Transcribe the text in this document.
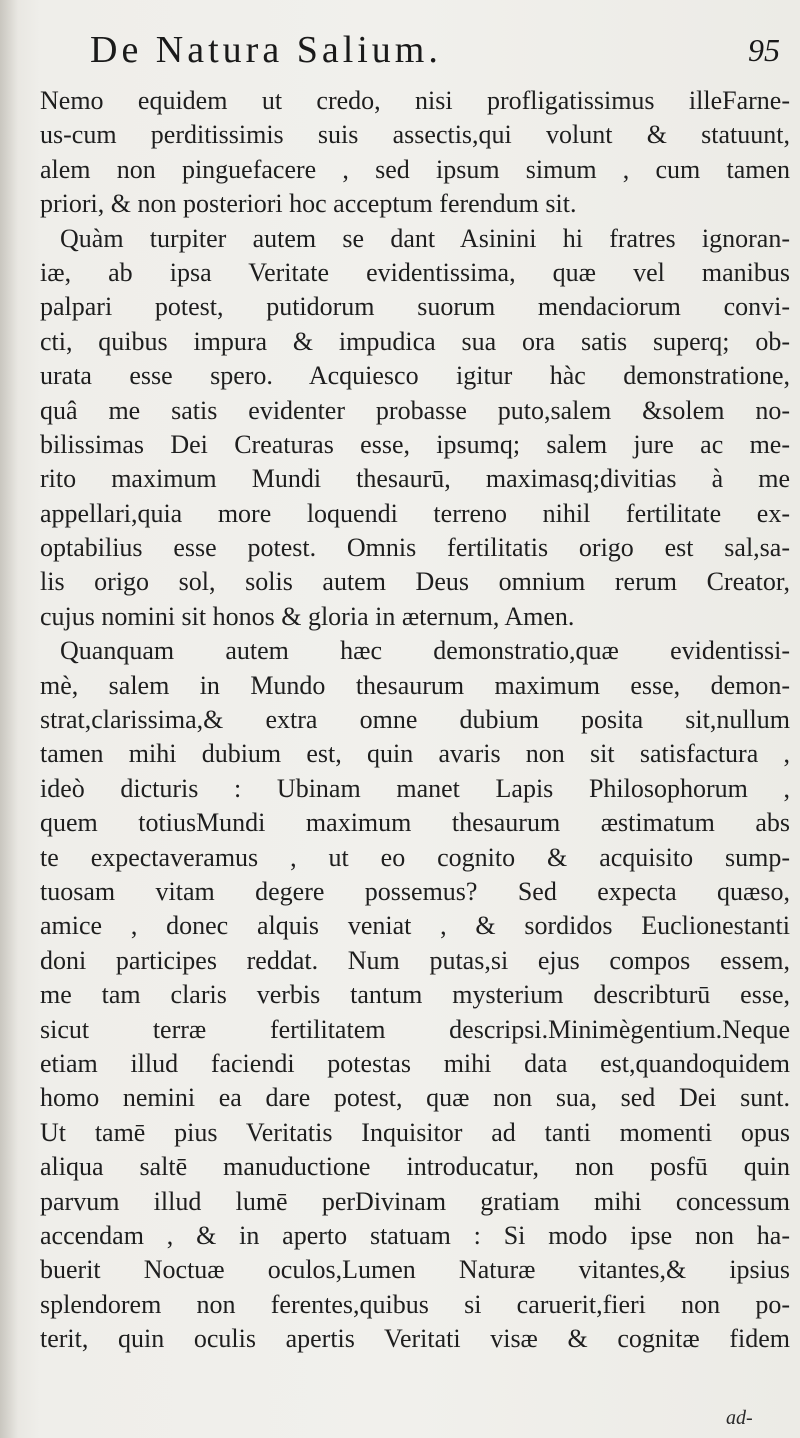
De Natura Salium.	95
Nemo equidem ut credo, nisi profligatissimus illeFarne-
us-cum perditissimis suis assectis,qui volunt & statuunt,
alem non pinguefacere , sed ipsum simum , cum tamen
priori, & non posteriori hoc acceptum ferendum sit.
Quàm turpiter autem se dant Asinini hi fratres ignoran-
iæ, ab ipsa Veritate evidentissima, quæ vel manibus
palpari potest, putidorum suorum mendaciorum convi-
cti, quibus impura & impudica sua ora satis superq; ob-
urata esse spero. Acquiesco igitur hàc demonstratione,
quâ me satis evidenter probasse puto,salem &solem no-
bilissimas Dei Creaturas esse, ipsumq; salem jure ac me-
rito maximum Mundi thesaurū, maximasq;divitias à me
appellari,quia more loquendi terreno nihil fertilitate ex-
optabilius esse potest. Omnis fertilitatis origo est sal,sa-
lis origo sol, solis autem Deus omnium rerum Creator,
cujus nomini sit honos & gloria in æternum, Amen.
Quanquam autem hæc demonstratio,quæ evidentissi-
mè, salem in Mundo thesaurum maximum esse, demon-
strat,clarissima,& extra omne dubium posita sit,nullum
tamen mihi dubium est, quin avaris non sit satisfactura ,
ideò dicturis : Ubinam manet Lapis Philosophorum ,
quem totiusMundi maximum thesaurum æstimatum abs
te expectaveramus , ut eo cognito & acquisito sump-
tuosam vitam degere possemus? Sed expecta quæso,
amice , donec alquis veniat , & sordidos Euclionestanti
doni participes reddat. Num putas,si ejus compos essem,
me tam claris verbis tantum mysterium describturū esse,
sicut terræ fertilitatem descripsi.Minimègentium.Neque
etiam illud faciendi potestas mihi data est,quandoquidem
homo nemini ea dare potest, quæ non sua, sed Dei sunt.
Ut tamē pius Veritatis Inquisitor ad tanti momenti opus
aliqua saltē manuductione introducatur, non posfū quin
parvum illud lumē perDivinam gratiam mihi concessum
accendam , & in aperto statuam : Si modo ipse non ha-
buerit Noctuæ oculos,Lumen Naturæ vitantes,& ipsius
splendorem non ferentes,quibus si caruerit,fieri non po-
terit, quin oculis apertis Veritati visæ & cognitæ fidem
ad-
